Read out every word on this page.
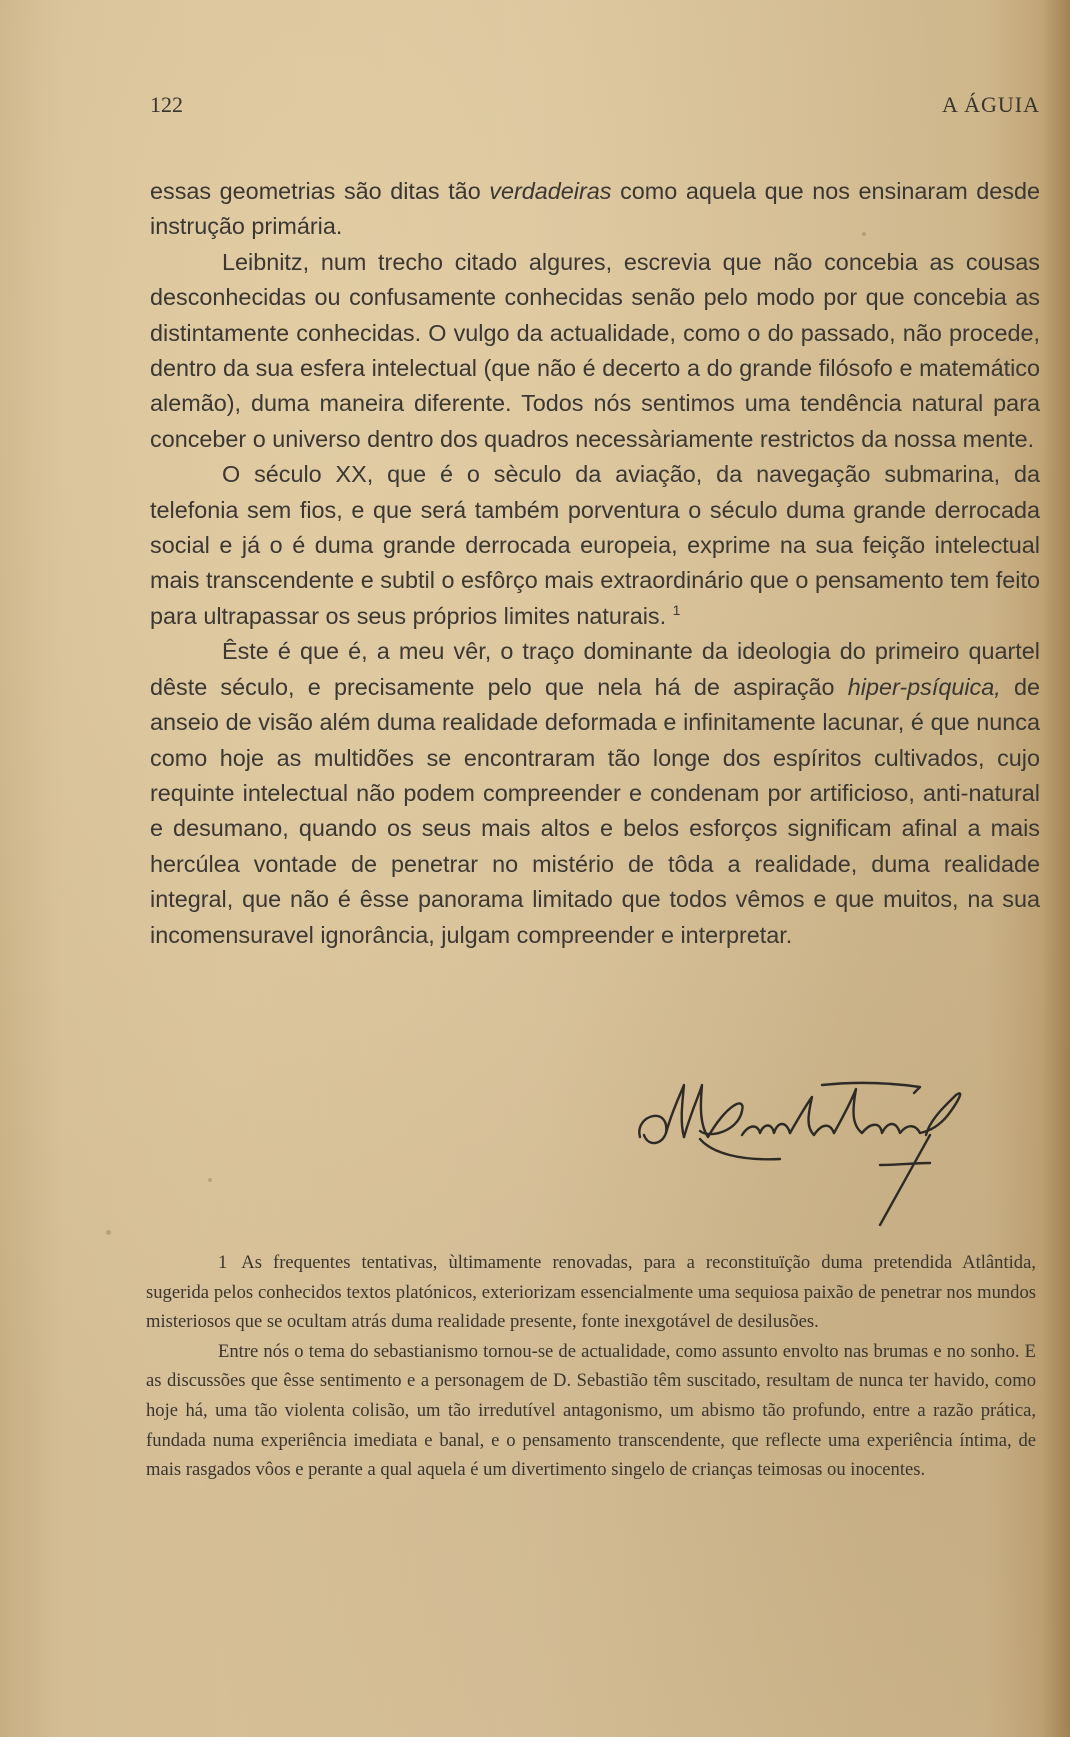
122	A ÁGUIA

essas geometrias são ditas tão verdadeiras como aquela que nos ensinaram desde instrução primária.

Leibnitz, num trecho citado algures, escrevia que não concebia as cousas desconhecidas ou confusamente conhecidas senão pelo modo por que concebia as distintamente conhecidas. O vulgo da actualidade, como o do passado, não procede, dentro da sua esfera intelectual (que não é decerto a do grande filósofo e matemático alemão), duma maneira diferente. Todos nós sentimos uma tendência natural para conceber o universo dentro dos quadros necessàriamente restrictos da nossa mente.

O século XX, que é o sèculo da aviação, da navegação submarina, da telefonia sem fios, e que será também porventura o século duma grande derrocada social e já o é duma grande derrocada europeia, exprime na sua feição intelectual mais transcendente e subtil o esfôrço mais extraordinário que o pensamento tem feito para ultrapassar os seus próprios limites naturais. $^1$

Êste é que é, a meu vêr, o traço dominante da ideologia do primeiro quartel dêste século, e precisamente pelo que nela há de aspiração hiper-psíquica, de anseio de visão além duma realidade deformada e infinitamente lacunar, é que nunca como hoje as multidões se encontraram tão longe dos espíritos cultivados, cujo requinte intelectual não podem compreender e condenam por artificioso, anti-natural e desumano, quando os seus mais altos e belos esforços significam afinal a mais hercúlea vontade de penetrar no mistério de tôda a realidade, duma realidade integral, que não é êsse panorama limitado que todos vêmos e que muitos, na sua incomensuravel ignorância, julgam compreender e interpretar.

1 As frequentes tentativas, ùltimamente renovadas, para a reconstituïção duma pretendida Atlântida, sugerida pelos conhecidos textos platónicos, exteriorizam essencialmente uma sequiosa paixão de penetrar nos mundos misteriosos que se ocultam atrás duma realidade presente, fonte inexgotável de desilusões.

Entre nós o tema do sebastianismo tornou-se de actualidade, como assunto envolto nas brumas e no sonho. E as discussões que êsse sentimento e a personagem de D. Sebastião têm suscitado, resultam de nunca ter havido, como hoje há, uma tão violenta colisão, um tão irredutível antagonismo, um abismo tão profundo, entre a razão prática, fundada numa experiência imediata e banal, e o pensamento transcendente, que reflecte uma experiência íntima, de mais rasgados vôos e perante a qual aquela é um divertimento singelo de crianças teimosas ou inocentes.
